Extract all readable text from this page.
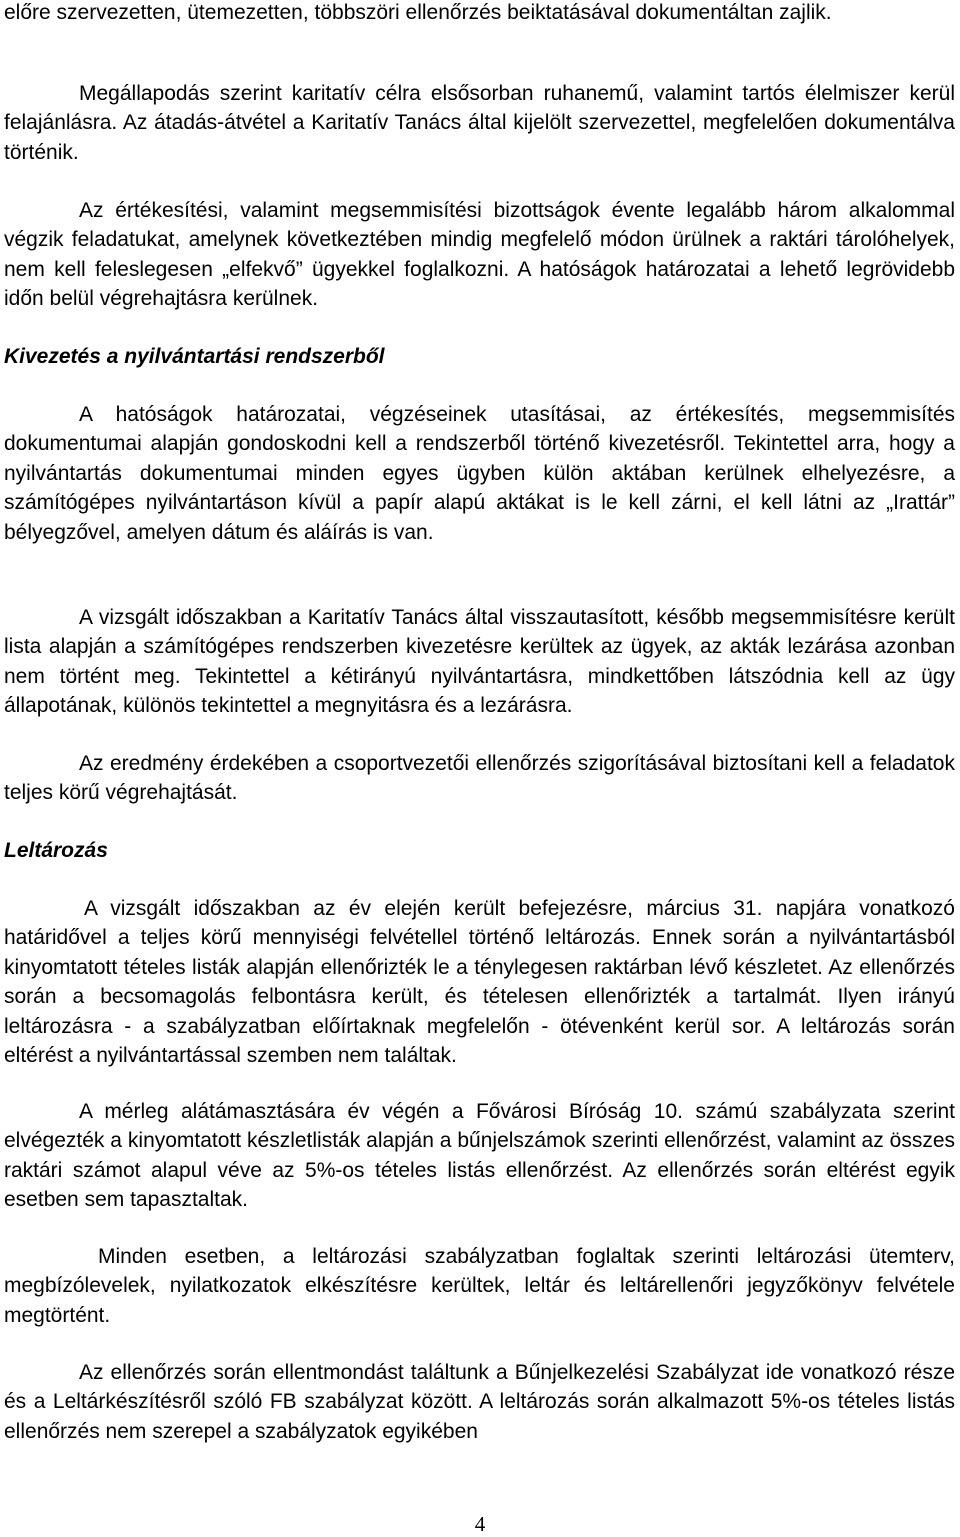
előre szervezetten, ütemezetten, többszöri ellenőrzés beiktatásával dokumentáltan zajlik.

Megállapodás szerint karitatív célra elsősorban ruhanemű, valamint tartós élelmiszer kerül felajánlásra. Az átadás-átvétel a Karitatív Tanács által kijelölt szervezettel, megfelelően dokumentálva történik.

Az értékesítési, valamint megsemmisítési bizottságok évente legalább három alkalommal végzik feladatukat, amelynek következtében mindig megfelelő módon ürülnek a raktári tárolóhelyek, nem kell feleslegesen „elfekvő” ügyekkel foglalkozni. A hatóságok határozatai a lehető legrövidebb időn belül végrehajtásra kerülnek.

Kivezetés a nyilvántartási rendszerből

A hatóságok határozatai, végzéseinek utasításai, az értékesítés, megsemmisítés dokumentumai alapján gondoskodni kell a rendszerből történő kivezetésről. Tekintettel arra, hogy a nyilvántartás dokumentumai minden egyes ügyben külön aktában kerülnek elhelyezésre, a számítógépes nyilvántartáson kívül a papír alapú aktákat is le kell zárni, el kell látni az „Irattár” bélyegzővel, amelyen dátum és aláírás is van.

A vizsgált időszakban a Karitatív Tanács által visszautasított, később megsemmisítésre került lista alapján a számítógépes rendszerben kivezetésre kerültek az ügyek, az akták lezárása azonban nem történt meg. Tekintettel a kétirányú nyilvántartásra, mindkettőben látszódnia kell az ügy állapotának, különös tekintettel a megnyitásra és a lezárásra.

Az eredmény érdekében a csoportvezetői ellenőrzés szigorításával biztosítani kell a feladatok teljes körű végrehajtását.

Leltározás

A vizsgált időszakban az év elején került befejezésre, március 31. napjára vonatkozó határidővel a teljes körű mennyiségi felvétellel történő leltározás. Ennek során a nyilvántartásból kinyomtatott tételes listák alapján ellenőrizték le a ténylegesen raktárban lévő készletet. Az ellenőrzés során a becsomagolás felbontásra került, és tételesen ellenőrizték a tartalmát. Ilyen irányú leltározásra - a szabályzatban előírtaknak megfelelőn - ötévenként kerül sor. A leltározás során eltérést a nyilvántartással szemben nem találtak.

A mérleg alátámasztására év végén a Fővárosi Bíróság 10. számú szabályzata szerint elvégezték a kinyomtatott készletlisták alapján a bűnjelszámok szerinti ellenőrzést, valamint az összes raktári számot alapul véve az 5%-os tételes listás ellenőrzést. Az ellenőrzés során eltérést egyik esetben sem tapasztaltak.

Minden esetben, a leltározási szabályzatban foglaltak szerinti leltározási ütemterv, megbízólevelek, nyilatkozatok elkészítésre kerültek, leltár és leltárellenőri jegyzőkönyv felvétele megtörtént.

Az ellenőrzés során ellentmondást találtunk a Bűnjelkezelési Szabályzat ide vonatkozó része és a Leltárkészítésről szóló FB szabályzat között. A leltározás során alkalmazott 5%-os tételes listás ellenőrzés nem szerepel a szabályzatok egyikében

4
